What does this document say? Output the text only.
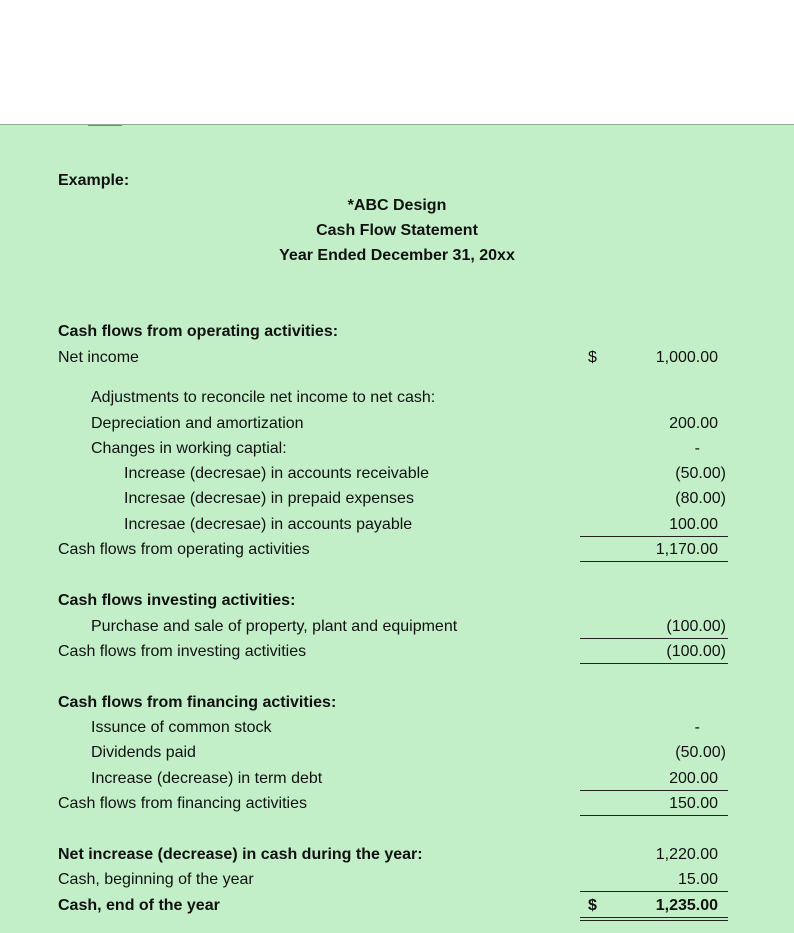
Example:
*ABC Design
Cash Flow Statement
Year Ended December 31, 20xx
Cash flows from operating activities:
Net income	$	1,000.00
Adjustments to reconcile net income to net cash:
Depreciation and amortization	200.00
Changes in working captial:	-
Increase (decresae) in accounts receivable	(50.00)
Incresae (decresae) in prepaid expenses	(80.00)
Incresae (decresae) in accounts payable	100.00
Cash flows from operating activities	1,170.00
Cash flows investing activities:
Purchase and sale of property, plant and equipment	(100.00)
Cash flows from investing activities	(100.00)
Cash flows from financing activities:
Issunce of common stock	-
Dividends paid	(50.00)
Increase (decrease) in term debt	200.00
Cash flows from financing activities	150.00
Net increase (decrease) in cash during the year:	1,220.00
Cash, beginning of the year	15.00
Cash, end of the year	$	1,235.00
